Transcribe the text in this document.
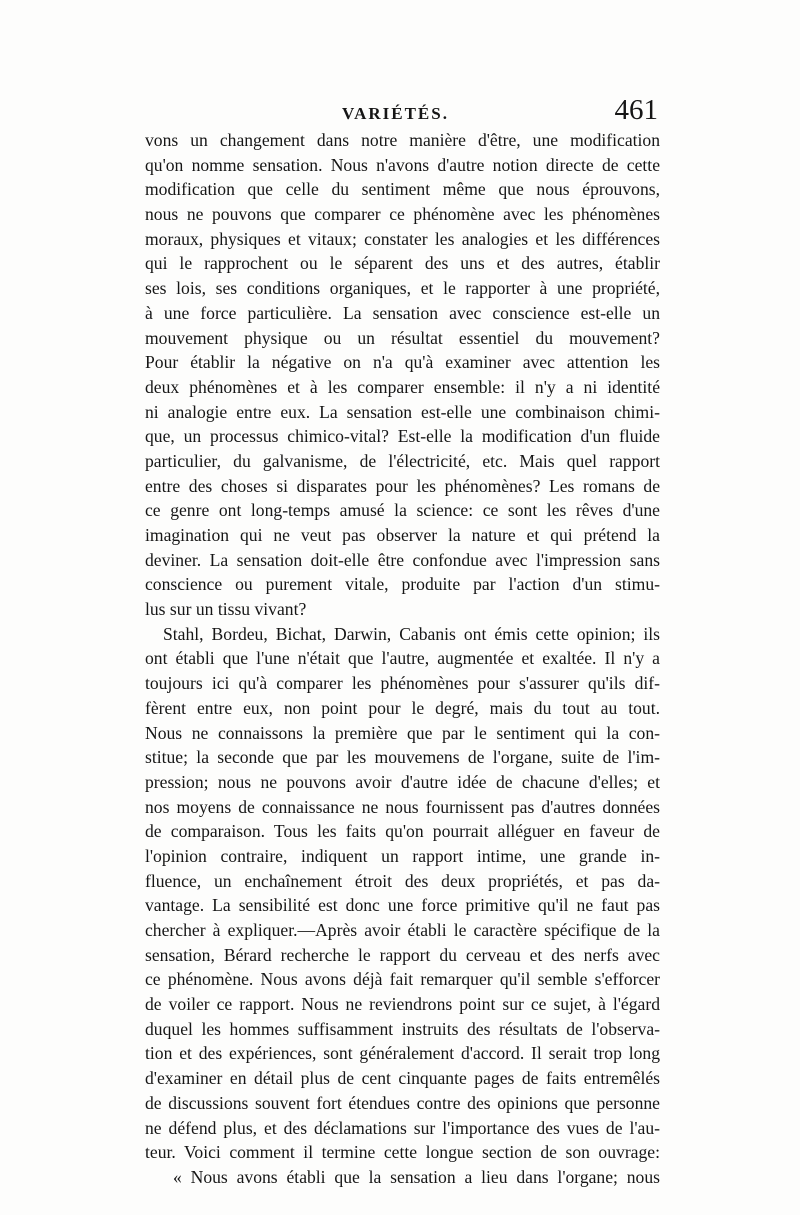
VARIÉTÉS.	461
vons un changement dans notre manière d'être, une modification
qu'on nomme sensation. Nous n'avons d'autre notion directe de cette
modification que celle du sentiment même que nous éprouvons,
nous ne pouvons que comparer ce phénomène avec les phénomènes
moraux, physiques et vitaux; constater les analogies et les différences
qui le rapprochent ou le séparent des uns et des autres, établir
ses lois, ses conditions organiques, et le rapporter à une propriété,
à une force particulière. La sensation avec conscience est-elle un
mouvement physique ou un résultat essentiel du mouvement?
Pour établir la négative on n'a qu'à examiner avec attention les
deux phénomènes et à les comparer ensemble: il n'y a ni identité
ni analogie entre eux. La sensation est-elle une combinaison chimi-
que, un processus chimico-vital? Est-elle la modification d'un fluide
particulier, du galvanisme, de l'électricité, etc. Mais quel rapport
entre des choses si disparates pour les phénomènes? Les romans de
ce genre ont long-temps amusé la science: ce sont les rêves d'une
imagination qui ne veut pas observer la nature et qui prétend la
deviner. La sensation doit-elle être confondue avec l'impression sans
conscience ou purement vitale, produite par l'action d'un stimu-
lus sur un tissu vivant?
Stahl, Bordeu, Bichat, Darwin, Cabanis ont émis cette opinion; ils
ont établi que l'une n'était que l'autre, augmentée et exaltée. Il n'y a
toujours ici qu'à comparer les phénomènes pour s'assurer qu'ils dif-
fèrent entre eux, non point pour le degré, mais du tout au tout.
Nous ne connaissons la première que par le sentiment qui la con-
stitue; la seconde que par les mouvemens de l'organe, suite de l'im-
pression; nous ne pouvons avoir d'autre idée de chacune d'elles; et
nos moyens de connaissance ne nous fournissent pas d'autres données
de comparaison. Tous les faits qu'on pourrait alléguer en faveur de
l'opinion contraire, indiquent un rapport intime, une grande in-
fluence, un enchaînement étroit des deux propriétés, et pas da-
vantage. La sensibilité est donc une force primitive qu'il ne faut pas
chercher à expliquer.—Après avoir établi le caractère spécifique de la
sensation, Bérard recherche le rapport du cerveau et des nerfs avec
ce phénomène. Nous avons déjà fait remarquer qu'il semble s'efforcer
de voiler ce rapport. Nous ne reviendrons point sur ce sujet, à l'égard
duquel les hommes suffisamment instruits des résultats de l'observa-
tion et des expériences, sont généralement d'accord. Il serait trop long
d'examiner en détail plus de cent cinquante pages de faits entremêlés
de discussions souvent fort étendues contre des opinions que personne
ne défend plus, et des déclamations sur l'importance des vues de l'au-
teur. Voici comment il termine cette longue section de son ouvrage:
« Nous avons établi que la sensation a lieu dans l'organe; nous
